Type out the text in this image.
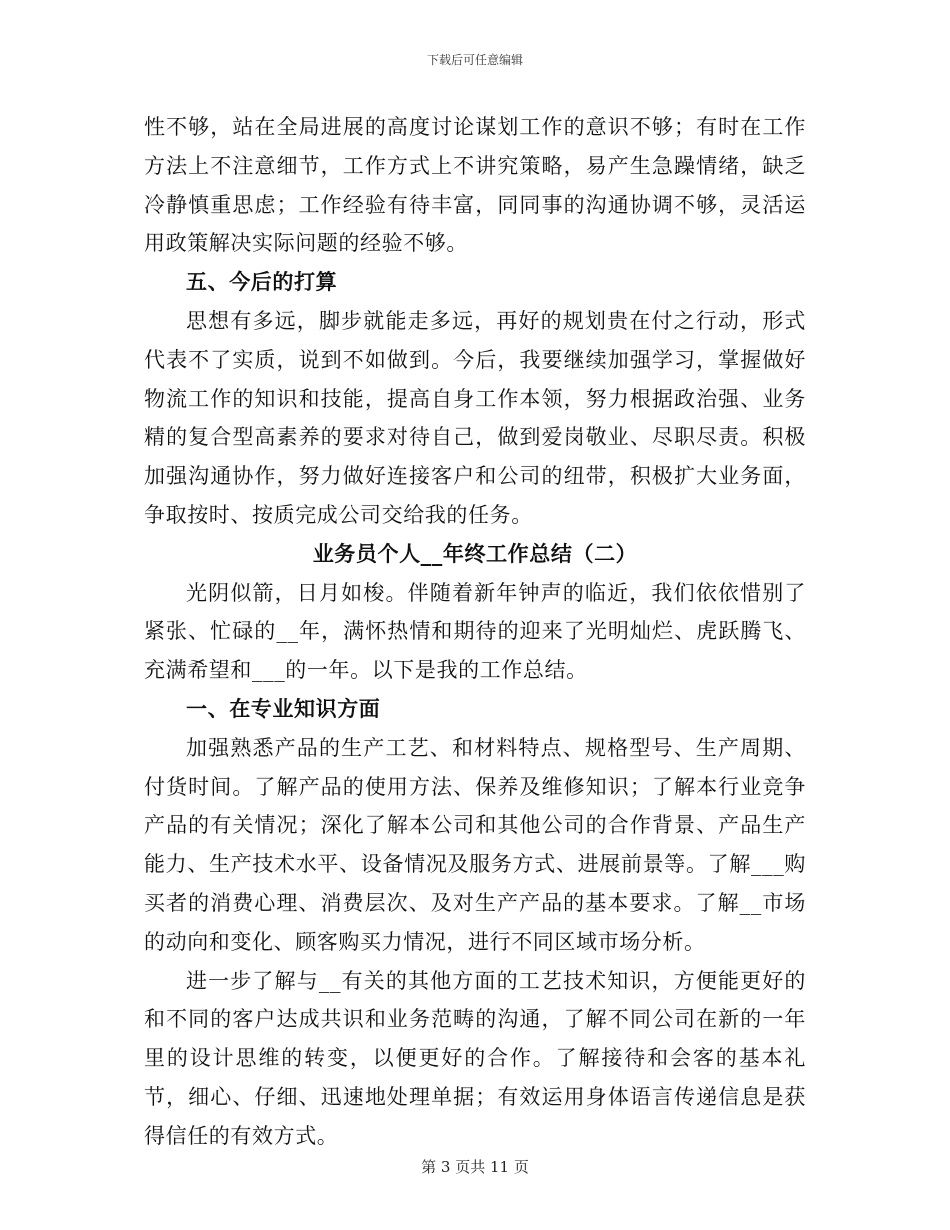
下载后可任意编辑

性不够，站在全局进展的高度讨论谋划工作的意识不够；有时在工作方法上不注意细节，工作方式上不讲究策略，易产生急躁情绪，缺乏冷静慎重思虑；工作经验有待丰富，同同事的沟通协调不够，灵活运用政策解决实际问题的经验不够。

五、今后的打算

思想有多远，脚步就能走多远，再好的规划贵在付之行动，形式代表不了实质，说到不如做到。今后，我要继续加强学习，掌握做好物流工作的知识和技能，提高自身工作本领，努力根据政治强、业务精的复合型高素养的要求对待自己，做到爱岗敬业、尽职尽责。积极加强沟通协作，努力做好连接客户和公司的纽带，积极扩大业务面，争取按时、按质完成公司交给我的任务。

业务员个人__年终工作总结（二）

光阴似箭，日月如梭。伴随着新年钟声的临近，我们依依惜别了紧张、忙碌的__年，满怀热情和期待的迎来了光明灿烂、虎跃腾飞、充满希望和___的一年。以下是我的工作总结。

一、在专业知识方面

加强熟悉产品的生产工艺、和材料特点、规格型号、生产周期、付货时间。了解产品的使用方法、保养及维修知识；了解本行业竞争产品的有关情况；深化了解本公司和其他公司的合作背景、产品生产能力、生产技术水平、设备情况及服务方式、进展前景等。了解___购买者的消费心理、消费层次、及对生产产品的基本要求。了解__市场的动向和变化、顾客购买力情况，进行不同区域市场分析。

进一步了解与__有关的其他方面的工艺技术知识，方便能更好的和不同的客户达成共识和业务范畴的沟通，了解不同公司在新的一年里的设计思维的转变，以便更好的合作。了解接待和会客的基本礼节，细心、仔细、迅速地处理单据；有效运用身体语言传递信息是获得信任的有效方式。

第 3 页共 11 页
